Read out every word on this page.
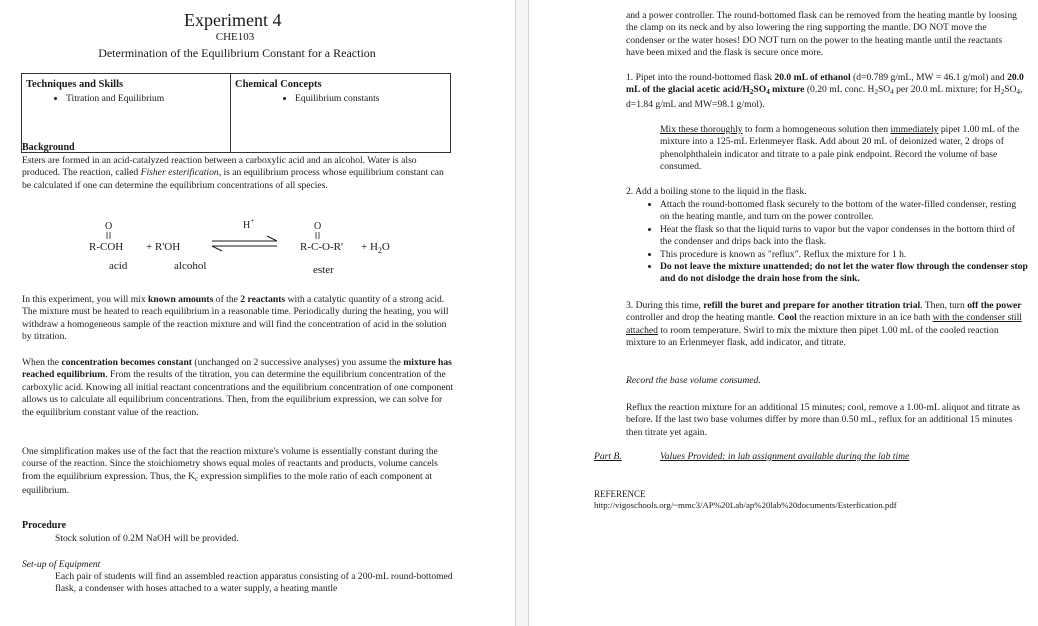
Experiment 4
CHE103
Determination of the Equilibrium Constant for a Reaction
Techniques and Skills
• Titration and Equilibrium
Chemical Concepts
• Equilibrium constants
Background

Esters are formed in an acid-catalyzed reaction between a carboxylic acid and an alcohol. Water is also produced. The reaction, called Fisher esterification, is an equilibrium process whose equilibrium constant can be calculated if one can determine the equilibrium concentrations of all species.

O
R-COH + R'OH
H+	O
$R-C-O-R' + H_2O$
acid	alcohol	ester

In this experiment, you will mix known amounts of the 2 reactants with a catalytic quantity of a strong acid. The mixture must be heated to reach equilibrium in a reasonable time. Periodically during the heating, you will withdraw a homogeneous sample of the reaction mixture and will find the concentration of acid in the solution by titration.

When the concentration becomes constant (unchanged on 2 successive analyses) you assume the mixture has reached equilibrium. From the results of the titration, you can determine the equilibrium concentration of the carboxylic acid. Knowing all initial reactant concentrations and the equilibrium concentration of one component allows us to calculate all equilibrium concentrations. Then, from the equilibrium expression, we can solve for the equilibrium constant value of the reaction.

One simplification makes use of the fact that the reaction mixture's volume is essentially constant during the course of the reaction. Since the stoichiometry shows equal moles of reactants and products, volume cancels from the equilibrium expression. Thus, the $K_c$ expression simplifies to the mole ratio of each component at equilibrium.

Procedure

Stock solution of 0.2M NaOH will be provided.

Set-up of Equipment

Each pair of students will find an assembled reaction apparatus consisting of a 200-mL round-bottomed flask, a condenser with hoses attached to a water supply, a heating mantle

and a power controller. The round-bottomed flask can be removed from the heating mantle by loosing the clamp on its neck and by also lowering the ring supporting the mantle. DO NOT move the condenser or the water hoses! DO NOT turn on the power to the heating mantle until the reactants have been mixed and the flask is secure once more.

1. Pipet into the round-bottomed flask 20.0 mL of ethanol (d=0.789 g/mL, MW = 46.1 g/mol) and 20.0 mL of the glacial acetic acid/$H_2SO_4$ mixture (0.20 mL conc. $H_2SO_4$ per 20.0 mL mixture; for $H_2SO_4$, d=1.84 g/mL and MW=98.1 g/mol).

Mix these thoroughly to form a homogeneous solution then immediately pipet 1.00 mL of the mixture into a 125-mL Erlenmeyer flask. Add about 20 mL of deionized water, 2 drops of phenolphthalein indicator and titrate to a pale pink endpoint. Record the volume of base consumed.

2. Add a boiling stone to the liquid in the flask.

• Attach the round-bottomed flask securely to the bottom of the water-filled condenser, resting on the heating mantle, and turn on the power controller.
• Heat the flask so that the liquid turns to vapor but the vapor condenses in the bottom third of the condenser and drips back into the flask.
• This procedure is known as "reflux". Reflux the mixture for 1 h.
• Do not leave the mixture unattended; do not let the water flow through the condenser stop and do not dislodge the drain hose from the sink.

3. During this time, refill the buret and prepare for another titration trial. Then, turn off the power controller and drop the heating mantle. Cool the reaction mixture in an ice bath with the condenser still attached to room temperature. Swirl to mix the mixture then pipet 1.00 mL of the cooled reaction mixture to an Erlenmeyer flask, add indicator, and titrate.

Record the base volume consumed.

Reflux the reaction mixture for an additional 15 minutes; cool, remove a 1.00-mL aliquot and titrate as before. If the last two base volumes differ by more than 0.50 mL, reflux for an additional 15 minutes then titrate yet again.

Part B.	Values Provided: in lab assignment available during the lab time
REFERENCE
http://vigoschools.org/~mmc3/AP%20Lab/ap%20lab%20documents/Esterfication.pdf
